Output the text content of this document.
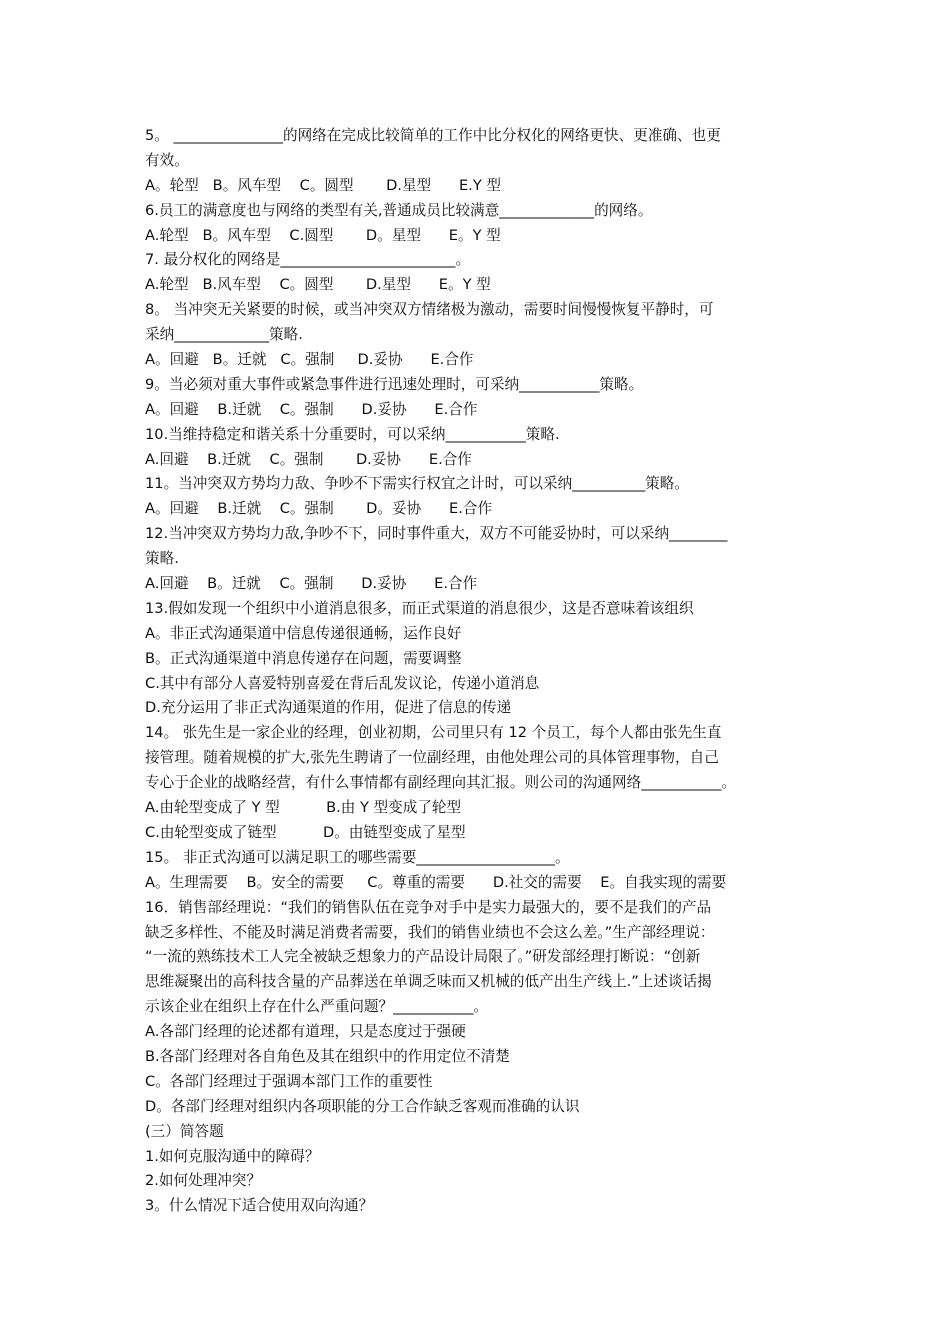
5。 _______________的网络在完成比较简单的工作中比分权化的网络更快、更准确、也更
有效。
A。轮型   B。风车型    C。圆型       D.星型      E.Y 型
6.员工的满意度也与网络的类型有关,普通成员比较满意_____________的网络。
A.轮型   B。风车型    C.圆型       D。星型      E。Y 型
7. 最分权化的网络是________________________。
A.轮型   B.风车型    C。圆型       D.星型      E。Y 型
8。 当冲突无关紧要的时候，或当冲突双方情绪极为激动，需要时间慢慢恢复平静时，可
采纳_____________策略.
A。回避   B。迁就   C。强制     D.妥协      E.合作
9。当必须对重大事件或紧急事件进行迅速处理时，可采纳___________策略。
A。回避    B.迁就    C。强制      D.妥协      E.合作
10.当维持稳定和谐关系十分重要时，可以采纳___________策略.
A.回避    B.迁就    C。强制       D.妥协      E.合作
11。当冲突双方势均力敌、争吵不下需实行权宜之计时，可以采纳__________策略。
A。回避    B.迁就    C。强制       D。妥协      E.合作
12.当冲突双方势均力敌,争吵不下，同时事件重大，双方不可能妥协时，可以采纳________
策略.
A.回避    B。迁就    C。强制      D.妥协      E.合作
13.假如发现一个组织中小道消息很多，而正式渠道的消息很少，这是否意味着该组织
A。非正式沟通渠道中信息传递很通畅，运作良好
B。正式沟通渠道中消息传递存在问题，需要调整
C.其中有部分人喜爱特别喜爱在背后乱发议论，传递小道消息
D.充分运用了非正式沟通渠道的作用，促进了信息的传递
14。 张先生是一家企业的经理，创业初期，公司里只有 12 个员工，每个人都由张先生直
接管理。随着规模的扩大,张先生聘请了一位副经理，由他处理公司的具体管理事物，自己
专心于企业的战略经营，有什么事情都有副经理向其汇报。则公司的沟通网络___________。
A.由轮型变成了 Y 型          B.由 Y 型变成了轮型
C.由轮型变成了链型          D。由链型变成了星型
15。 非正式沟通可以满足职工的哪些需要___________________。
A。生理需要    B。安全的需要     C。尊重的需要      D.社交的需要    E。自我实现的需要
16．销售部经理说：“我们的销售队伍在竞争对手中是实力最强大的，要不是我们的产品
缺乏多样性、不能及时满足消费者需要，我们的销售业绩也不会这么差。”生产部经理说：
“一流的熟练技术工人完全被缺乏想象力的产品设计局限了。”研发部经理打断说：“创新
思维凝聚出的高科技含量的产品葬送在单调乏味而又机械的低产出生产线上.”上述谈话揭
示该企业在组织上存在什么严重问题？___________。
A.各部门经理的论述都有道理，只是态度过于强硬
B.各部门经理对各自角色及其在组织中的作用定位不清楚
C。各部门经理过于强调本部门工作的重要性
D。各部门经理对组织内各项职能的分工合作缺乏客观而准确的认识
(三）简答题
1.如何克服沟通中的障碍？
2.如何处理冲突？
3。什么情况下适合使用双向沟通？
